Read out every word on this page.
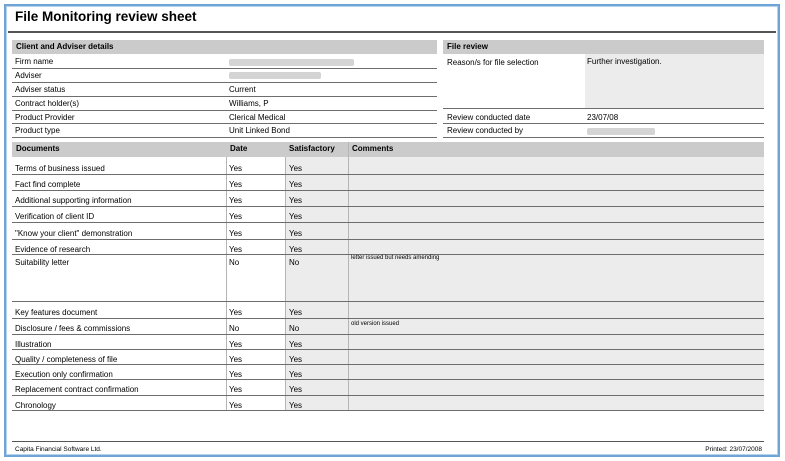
File Monitoring review sheet
Client and Adviser details
Firm name
Adviser
Adviser status	Current
Contract holder(s)	Williams, P
Product Provider	Clerical Medical
Product type	Unit Linked Bond
File review
Reason/s for file selection	Further investigation.
Review conducted date	23/07/08
Review conducted by
Documents	Date	Satisfactory	Comments
Terms of business issued	Yes	Yes
Fact find complete	Yes	Yes
Additional supporting information	Yes	Yes
Verification of client ID	Yes	Yes
"Know your client" demonstration	Yes	Yes
Evidence of research	Yes	Yes
Suitability letter	No	No	letter issued but needs amending
Key features document	Yes	Yes
Disclosure / fees & commissions	No	No	old version issued
Illustration	Yes	Yes
Quality / completeness of file	Yes	Yes
Execution only confirmation	Yes	Yes
Replacement contract confirmation	Yes	Yes
Chronology	Yes	Yes
Capita Financial Software Ltd.	Printed: 23/07/2008
